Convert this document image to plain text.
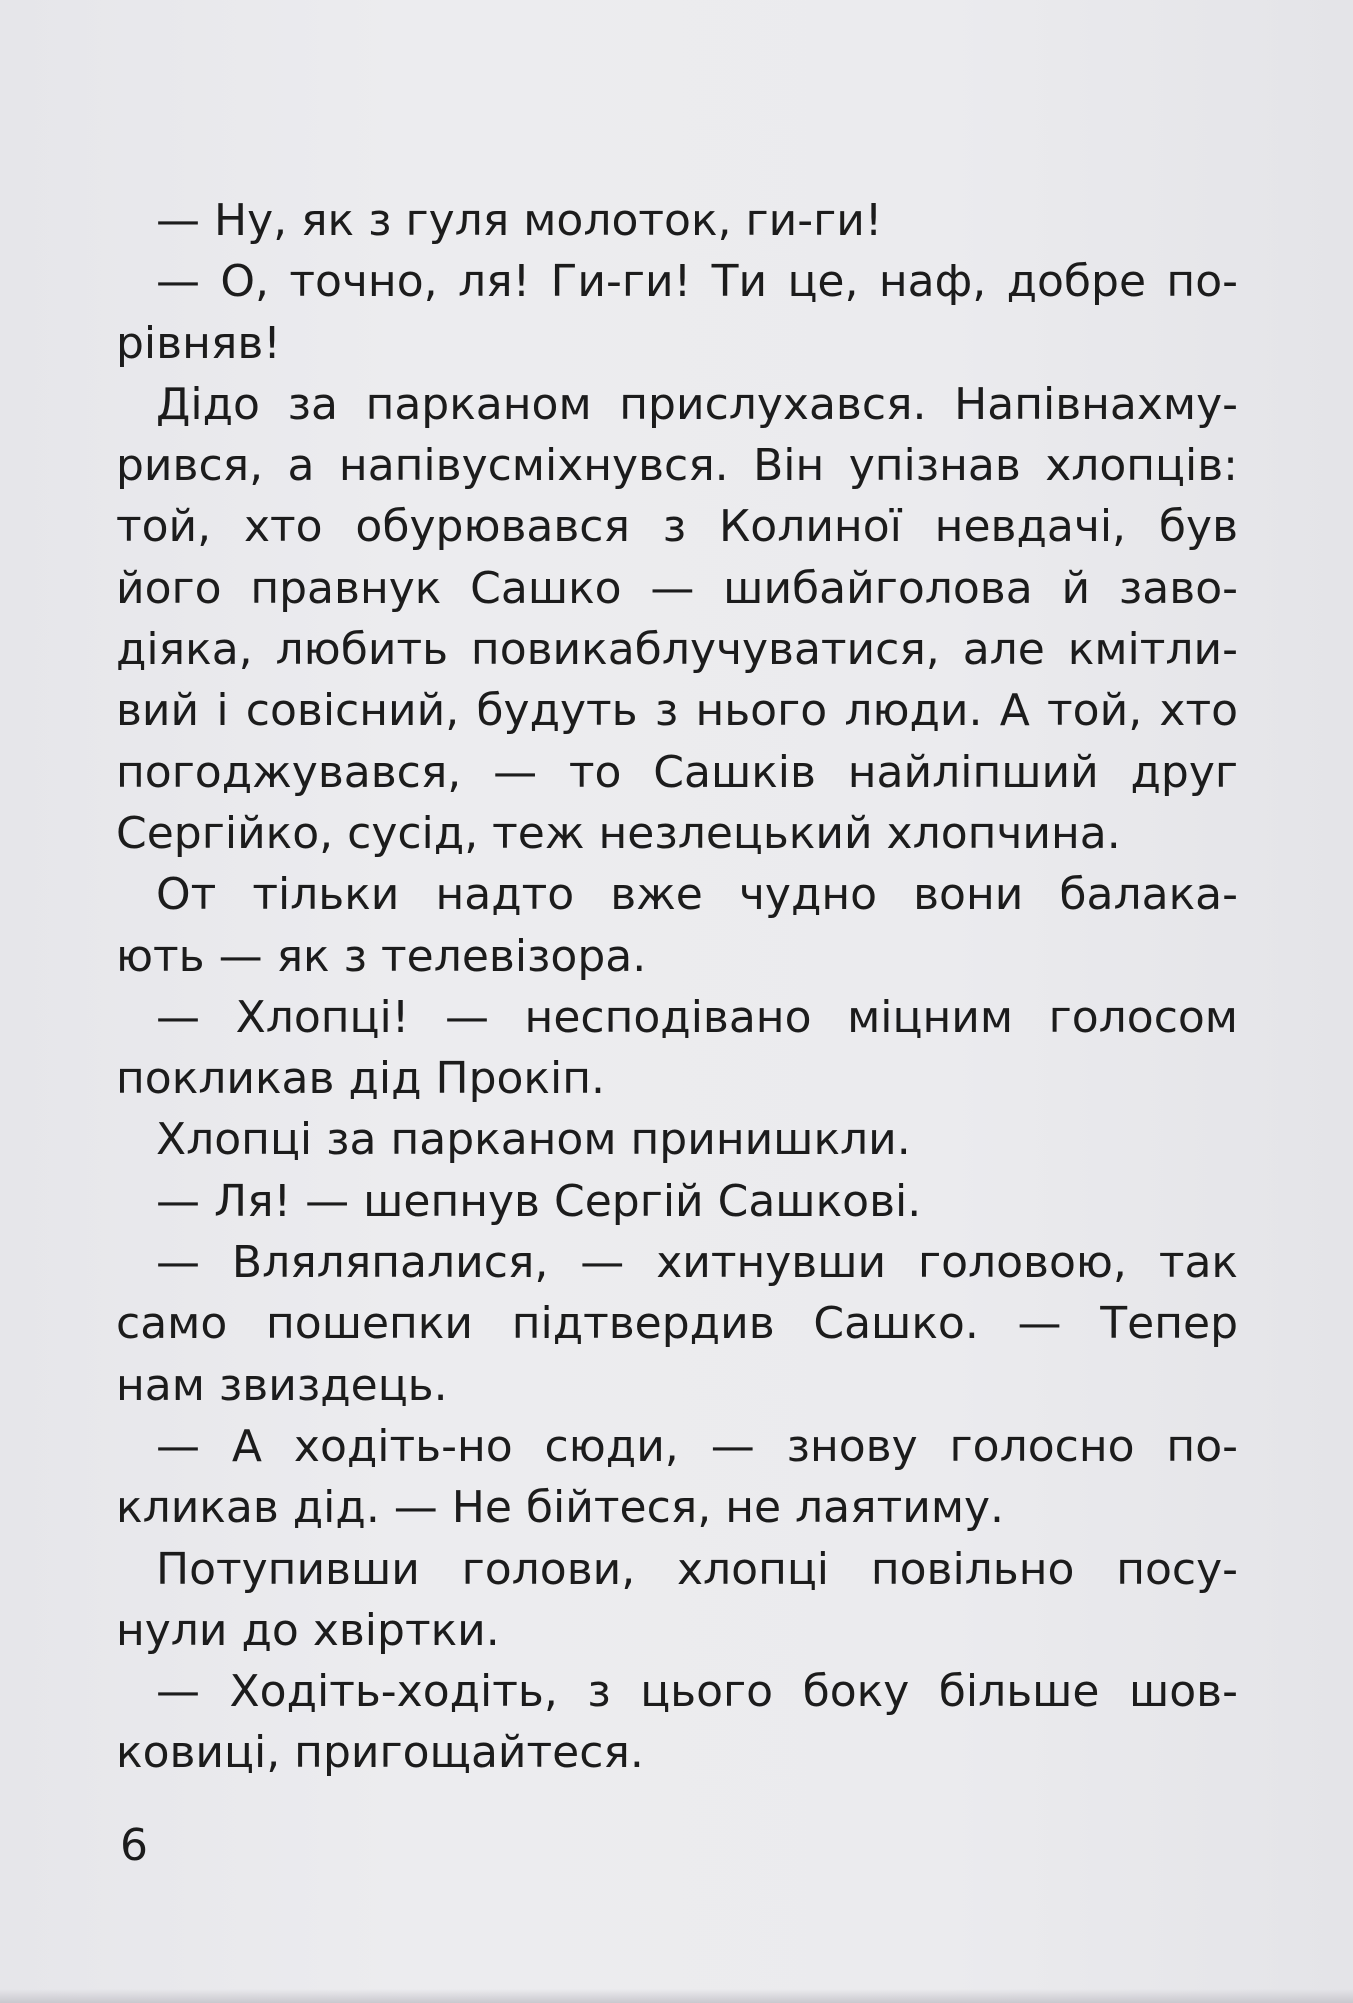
— Ну, як з гуля молоток, ги-ги!
— О, точно, ля! Ги-ги! Ти це, наф, добре по-
рівняв!
Дідо за парканом прислухався. Напівнахму-
рився, а напівусміхнувся. Він упізнав хлопців:
той, хто обурювався з Колиної невдачі, був
його правнук Сашко — шибайголова й заво-
діяка, любить повикаблучуватися, але кмітли-
вий і совісний, будуть з нього люди. А той, хто
погоджувався, — то Сашків найліпший друг
Сергійко, сусід, теж незлецький хлопчина.
От тільки надто вже чудно вони балака-
ють — як з телевізора.
— Хлопці! — несподівано міцним голосом
покликав дід Прокіп.
Хлопці за парканом принишкли.
— Ля! — шепнув Сергій Сашкові.
— Вляляпалися, — хитнувши головою, так
само пошепки підтвердив Сашко. — Тепер
нам звиздець.
— А ходіть-но сюди, — знову голосно по-
кликав дід. — Не бійтеся, не лаятиму.
Потупивши голови, хлопці повільно посу-
нули до хвіртки.
— Ходіть-ходіть, з цього боку більше шов-
ковиці, пригощайтеся.
6
